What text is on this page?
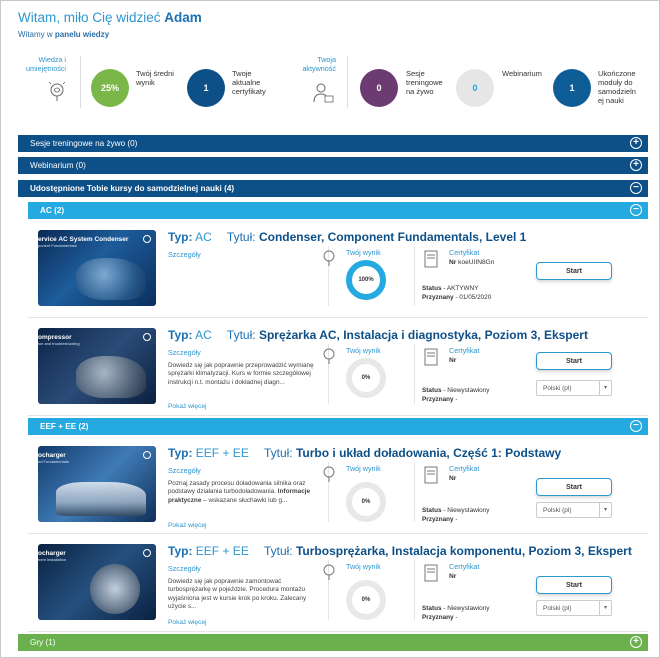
Witam, miło Cię widzieć Adam
Witamy w panelu wiedzy
Wiedza i
umiejętności
25%
Twój średni
wynik
1
Twoje
aktualne
certyfikaty
Twoja
aktywność
0
Sesje
treningowe
na żywo	0
Webinarium
1
Ukończone
moduły do
samodzieln
ej nauki
Sesje treningowe na żywo (0)	+
Webinarium (0)	+
Udostępnione Tobie kursy do samodzielnej nauki (4)	−
AC (2)	−
ervice AC System Condenser
ponent Fundamentals
Typ: AC Tytuł: Condenser, Component Fundamentals, Level 1
Szczegóły	Twój wynik
100%
Certyfikat
Nr koeUIIN8Gn
Status - AKTYWNY
Przyznany - 01/05/2020
Start
ompressor
ion and troubleshooting
Typ: AC Tytuł: Sprężarka AC, Instalacja i diagnostyka, Poziom 3, Ekspert
Szczegóły
Dowiedz się jak poprawnie przeprowadzić wymianę sprężarki klimatyzacji. Kurs w formie szczegółowej instrukcji n.t. montażu i dokładnej diagn...
Pokaż więcej
Twój wynik
0%
Certyfikat
Nr
Status - Niewystawiony
Przyznany -
Start
Polski (pl)	▾
EEF + EE (2)	−
ocharger
nd Fundamentals
Typ: EEF + EE Tytuł: Turbo i układ doładowania, Część 1: Podstawy
Szczegóły
Poznaj zasady procesu doładowania silnika oraz podstawy działania turbodoładowania. Informacje praktyczne – wskazane słuchawki lub g...
Pokaż więcej
Twój wynik
0%
Certyfikat
Nr
Status - Niewystawiony
Przyznany -
Start
Polski (pl)	▾
ocharger
nent Installation
Typ: EEF + EE Tytuł: Turbosprężarka, Instalacja komponentu, Poziom 3, Ekspert
Szczegóły
Dowiedz się jak poprawnie zamontować turbosprężarkę w pojeździe. Procedura montażu wyjaśniona jest w kursie krok po kroku. Zalecany użycie s...
Pokaż więcej
Twój wynik
0%
Certyfikat
Nr
Status - Niewystawiony
Przyznany -
Start
Polski (pl)	▾
Gry (1)	+
